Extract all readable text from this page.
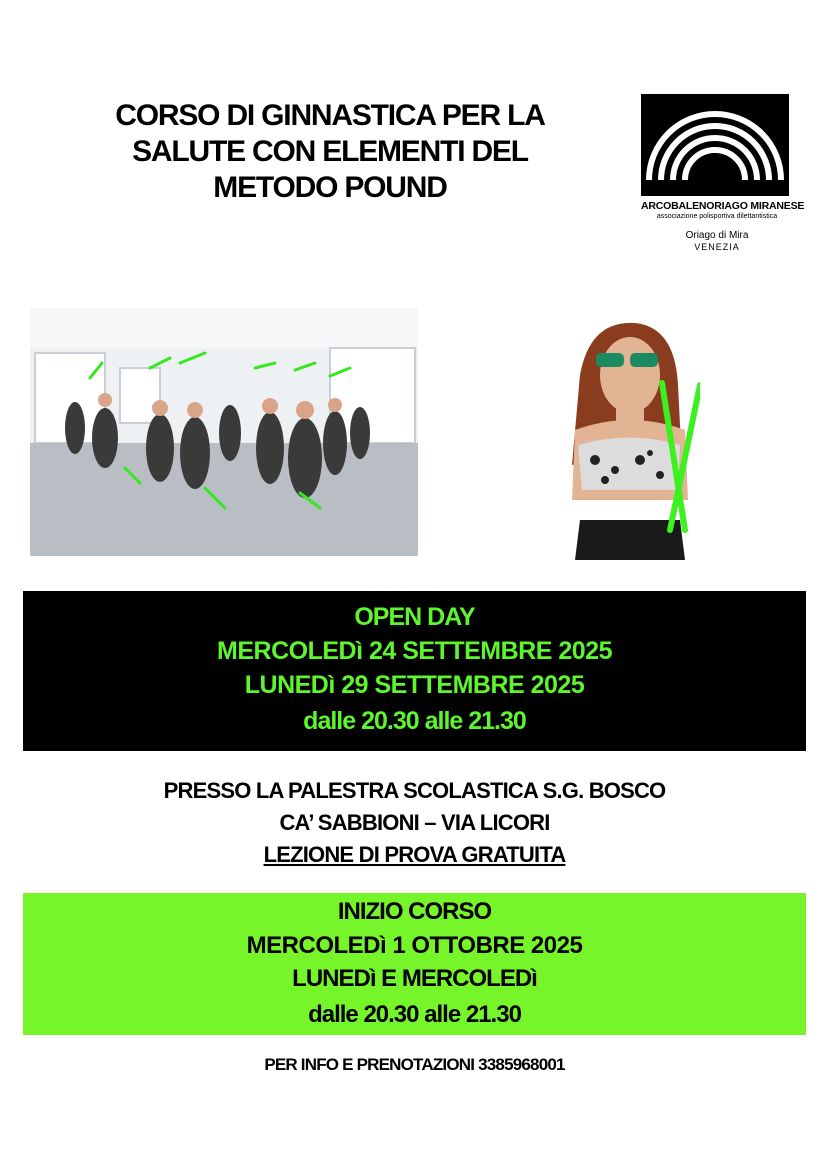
CORSO DI GINNASTICA PER LA
SALUTE CON ELEMENTI DEL
METODO POUND
ARCOBALENORIAGO MIRANESE
associazione polisportiva dilettantistica
Oriago di Mira
VENEZIA
OPEN DAY
MERCOLEDì 24 SETTEMBRE 2025
LUNEDì 29 SETTEMBRE 2025
dalle 20.30 alle 21.30
PRESSO LA PALESTRA SCOLASTICA S.G. BOSCO
CA’ SABBIONI – VIA LICORI
LEZIONE DI PROVA GRATUITA
INIZIO CORSO
MERCOLEDì 1 OTTOBRE 2025
LUNEDì E MERCOLEDì
dalle 20.30 alle 21.30
PER INFO E PRENOTAZIONI 3385968001
